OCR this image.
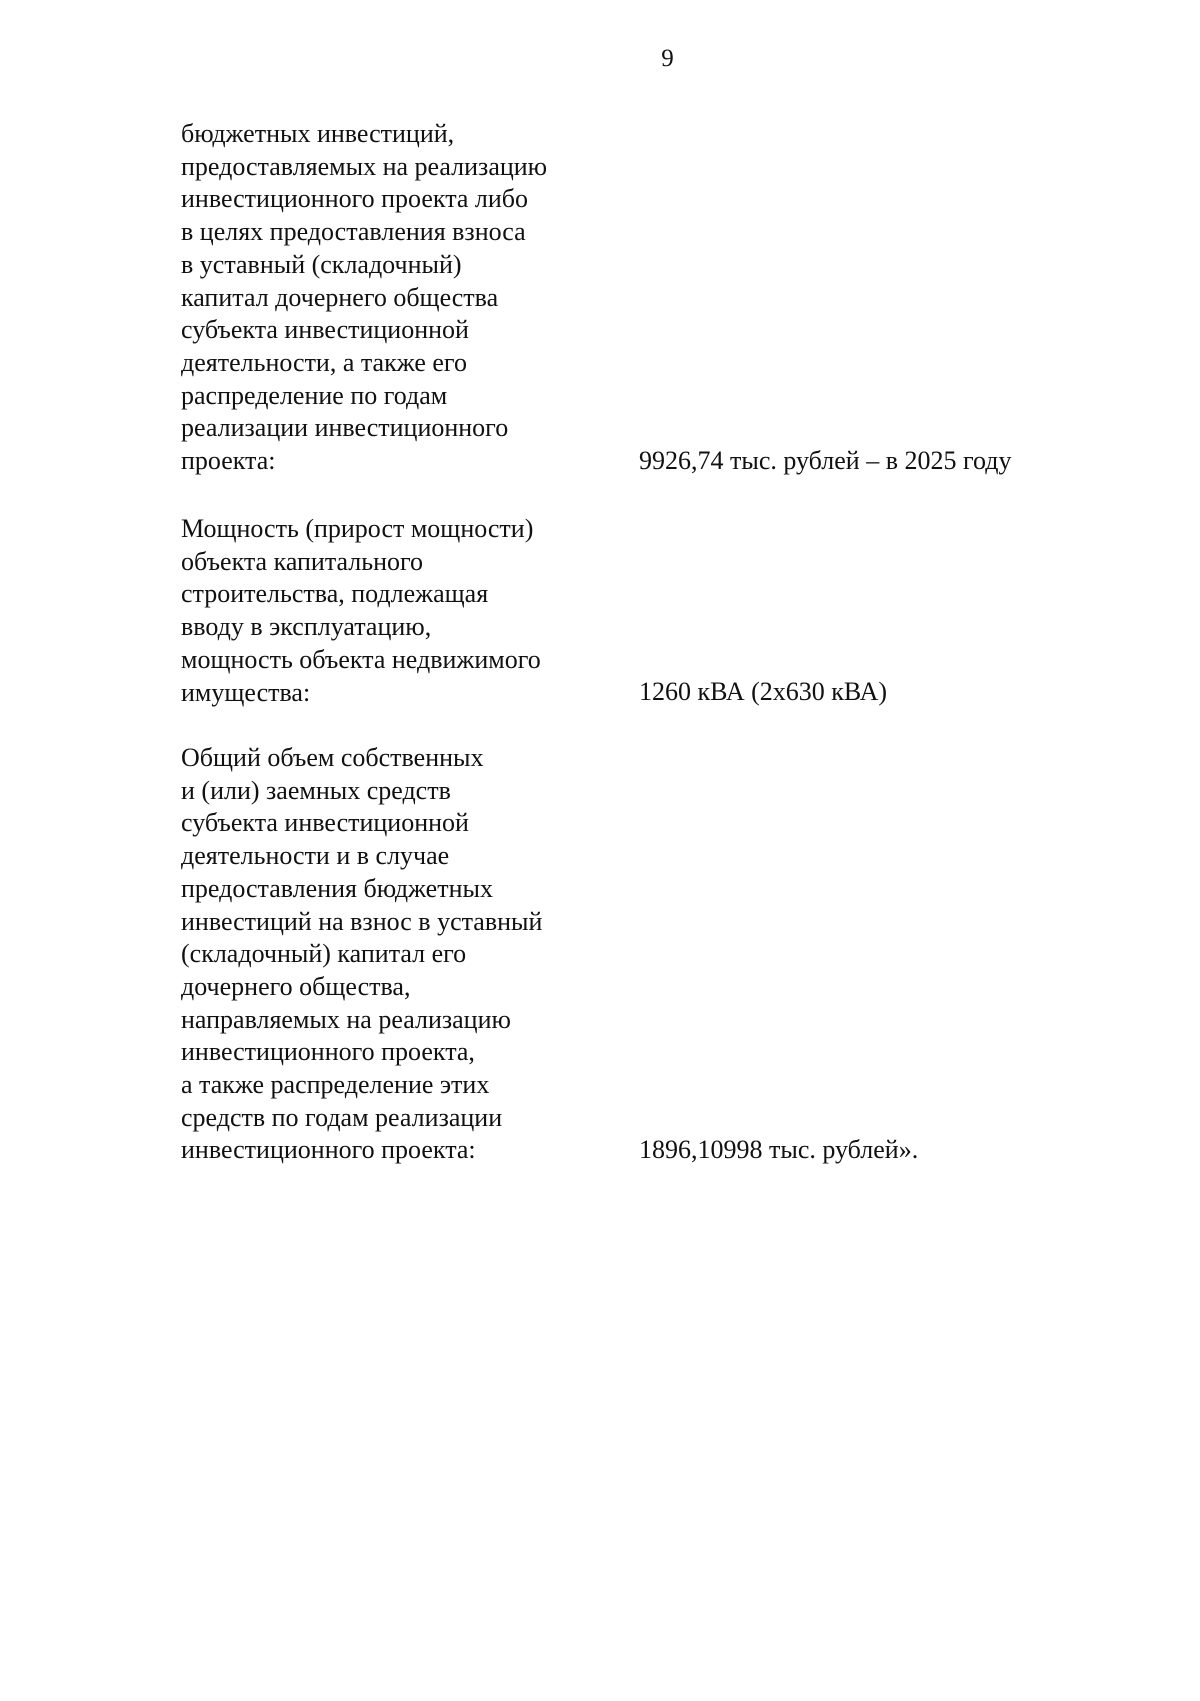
9
бюджетных инвестиций,
предоставляемых на реализацию
инвестиционного проекта либо
в целях предоставления взноса
в уставный (складочный)
капитал дочернего общества
субъекта инвестиционной
деятельности, а также его
распределение по годам
реализации инвестиционного
проекта:	9926,74 тыс. рублей – в 2025 году
Мощность (прирост мощности)
объекта капитального
строительства, подлежащая
вводу в эксплуатацию,
мощность объекта недвижимого
имущества:	1260 кВА (2х630 кВА)
Общий объем собственных
и (или) заемных средств
субъекта инвестиционной
деятельности и в случае
предоставления бюджетных
инвестиций на взнос в уставный
(складочный) капитал его
дочернего общества,
направляемых на реализацию
инвестиционного проекта,
а также распределение этих
средств по годам реализации
инвестиционного проекта:	1896,10998 тыс. рублей».
